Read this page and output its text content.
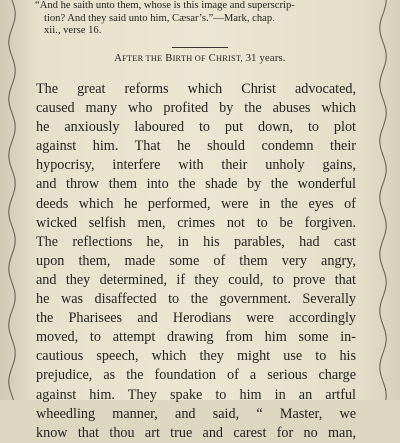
“And he saith unto them, whose is this image and superscrip-
tion? And they said unto him, Cæsar’s.”—Mark, chap.
xii., verse 16.
AFTER THE BIRTH OF CHRIST, 31 years.
The great reforms which Christ advocated,
caused many who profited by the abuses which
he anxiously laboured to put down, to plot
against him. That he should condemn their
hypocrisy, interfere with their unholy gains,
and throw them into the shade by the wonderful
deeds which he performed, were in the eyes of
wicked selfish men, crimes not to be forgiven.
The reflections he, in his parables, had cast
upon them, made some of them very angry,
and they determined, if they could, to prove that
he was disaffected to the government. Severally
the Pharisees and Herodians were accordingly
moved, to attempt drawing from him some in-
cautious speech, which they might use to his
prejudice, as the foundation of a serious charge
against him. They spake to him in an artful
wheedling manner, and said, “ Master, we
know that thou art true and carest for no man,
